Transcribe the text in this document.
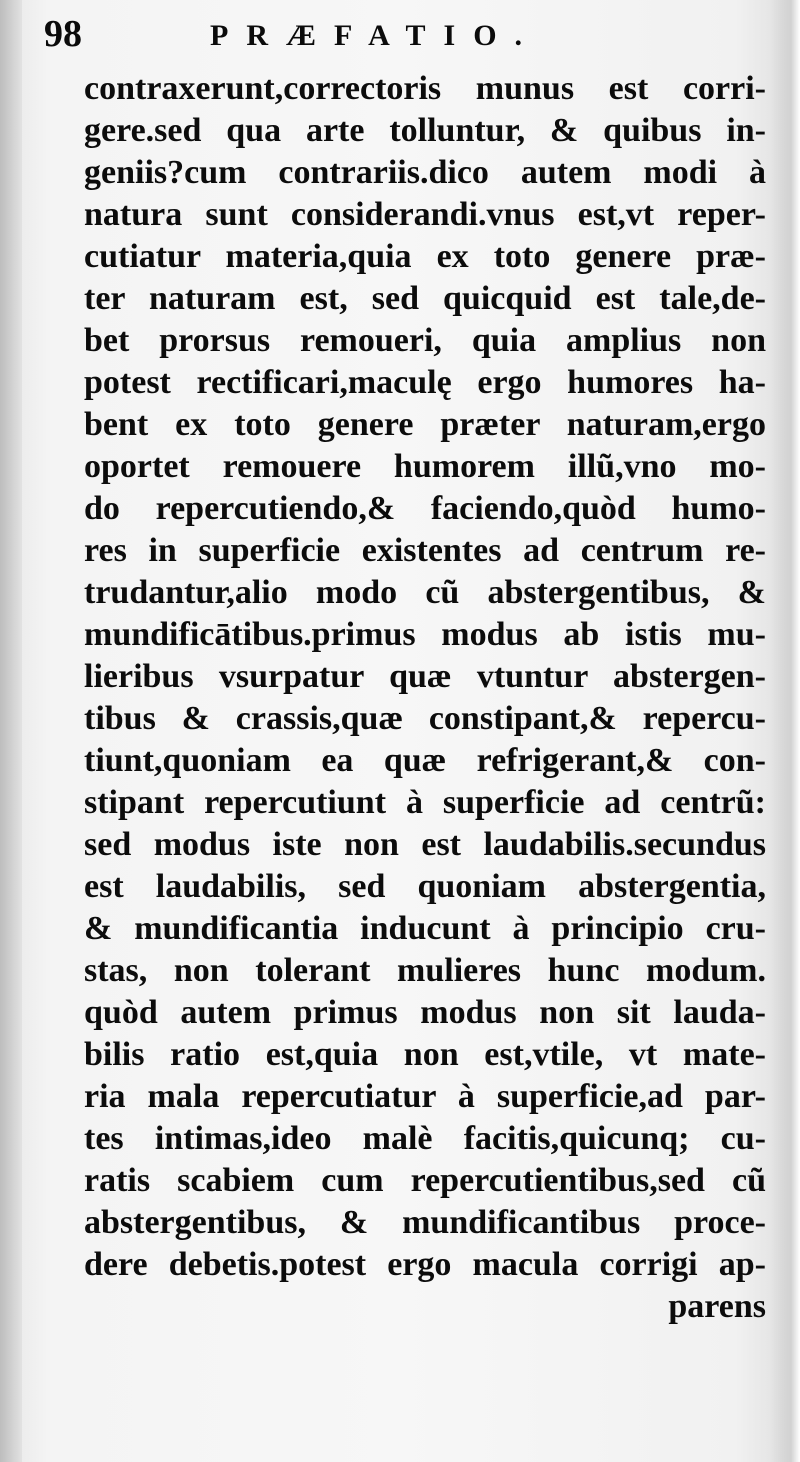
98	PRÆFATIO.
contraxerunt,correctoris munus est corri-
gere.sed qua arte tolluntur, & quibus in-
geniis?cum contrariis.dico autem modi à
natura sunt considerandi.vnus est,vt reper-
cutiatur materia,quia ex toto genere præ-
ter naturam est, sed quicquid est tale,de-
bet prorsus remoueri, quia amplius non
potest rectificari,maculę ergo humores ha-
bent ex toto genere præter naturam,ergo
oportet remouere humorem illũ,vno mo-
do repercutiendo,& faciendo,quòd humo-
res in superficie existentes ad centrum re-
trudantur,alio modo cũ abstergentibus, &
mundificātibus.primus modus ab istis mu-
lieribus vsurpatur quæ vtuntur abstergen-
tibus & crassis,quæ constipant,& repercu-
tiunt,quoniam ea quæ refrigerant,& con-
stipant repercutiunt à superficie ad centrũ:
sed modus iste non est laudabilis.secundus
est laudabilis, sed quoniam abstergentia,
& mundificantia inducunt à principio cru-
stas, non tolerant mulieres hunc modum.
quòd autem primus modus non sit lauda-
bilis ratio est,quia non est,vtile, vt mate-
ria mala repercutiatur à superficie,ad par-
tes intimas,ideo malè facitis,quicunq; cu-
ratis scabiem cum repercutientibus,sed cũ
abstergentibus, & mundificantibus proce-
dere debetis.potest ergo macula corrigi ap-
parens
